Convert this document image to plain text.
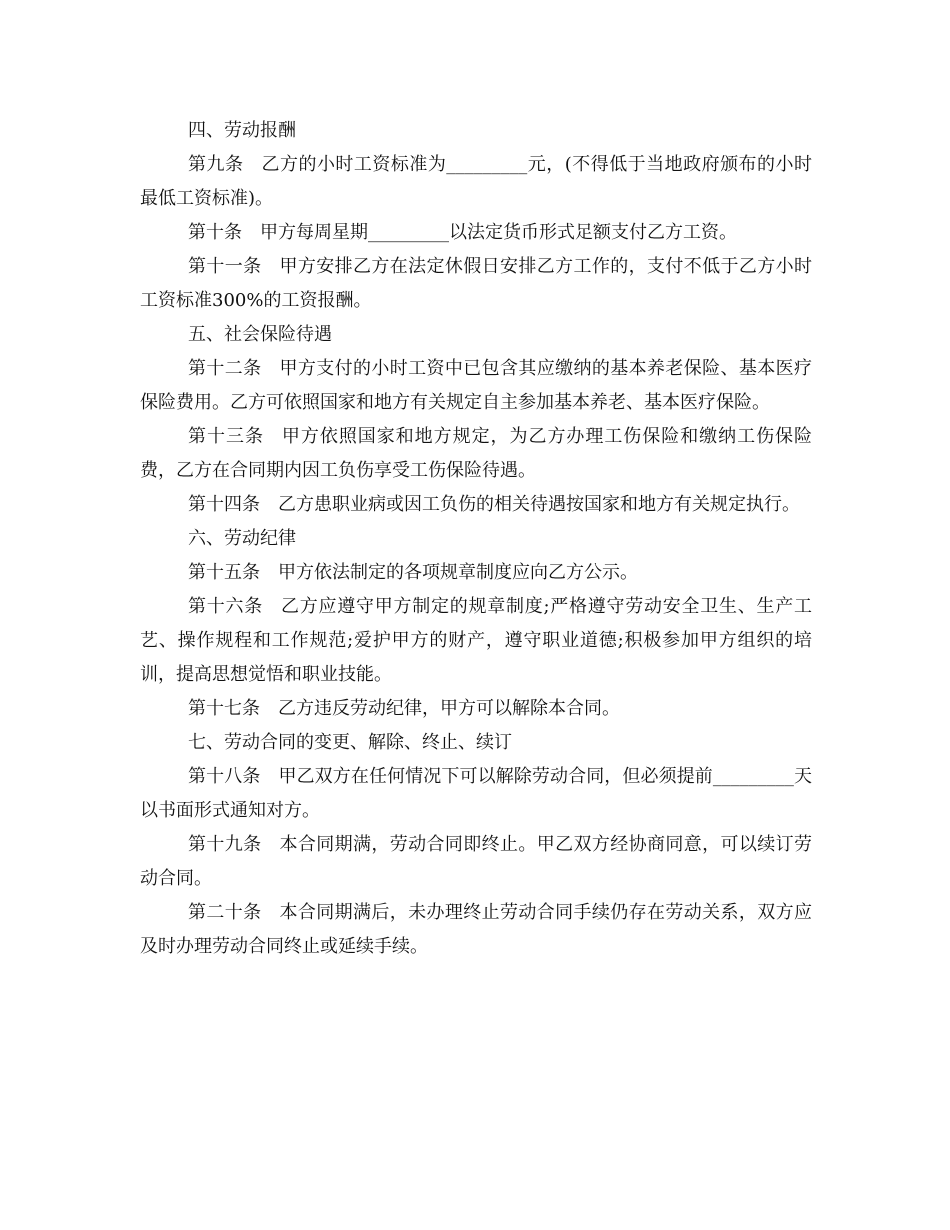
四、劳动报酬

第九条 乙方的小时工资标准为_________元，(不得低于当地政府颁布的小时最低工资标准)。

第十条 甲方每周星期_________以法定货币形式足额支付乙方工资。

第十一条 甲方安排乙方在法定休假日安排乙方工作的，支付不低于乙方小时工资标准300%的工资报酬。

五、社会保险待遇

第十二条 甲方支付的小时工资中已包含其应缴纳的基本养老保险、基本医疗保险费用。乙方可依照国家和地方有关规定自主参加基本养老、基本医疗保险。

第十三条 甲方依照国家和地方规定，为乙方办理工伤保险和缴纳工伤保险费，乙方在合同期内因工负伤享受工伤保险待遇。

第十四条 乙方患职业病或因工负伤的相关待遇按国家和地方有关规定执行。

六、劳动纪律

第十五条 甲方依法制定的各项规章制度应向乙方公示。

第十六条 乙方应遵守甲方制定的规章制度;严格遵守劳动安全卫生、生产工艺、操作规程和工作规范;爱护甲方的财产，遵守职业道德;积极参加甲方组织的培训，提高思想觉悟和职业技能。

第十七条 乙方违反劳动纪律，甲方可以解除本合同。

七、劳动合同的变更、解除、终止、续订

第十八条 甲乙双方在任何情况下可以解除劳动合同，但必须提前_________天以书面形式通知对方。

第十九条 本合同期满，劳动合同即终止。甲乙双方经协商同意，可以续订劳动合同。

第二十条 本合同期满后，未办理终止劳动合同手续仍存在劳动关系，双方应及时办理劳动合同终止或延续手续。
